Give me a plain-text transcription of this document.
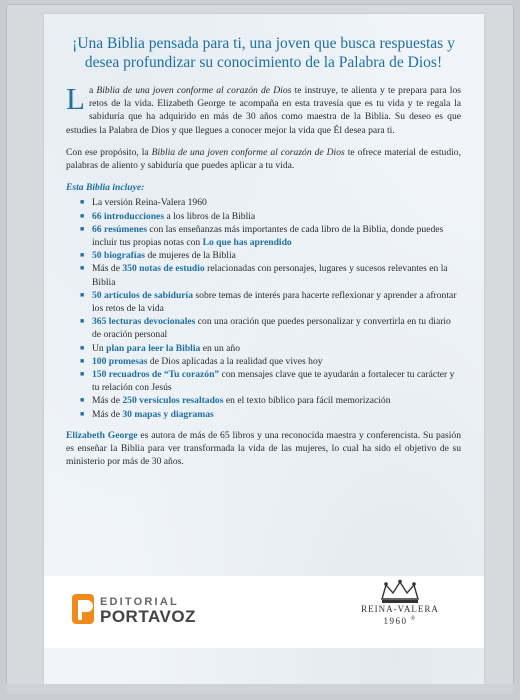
¡Una Biblia pensada para ti, una joven que busca respuestas y desea profundizar su conocimiento de la Palabra de Dios!

La Biblia de una joven conforme al corazón de Dios te instruye, te alienta y te prepara para los retos de la vida. Elizabeth George te acompaña en esta travesía que es tu vida y te regala la sabiduría que ha adquirido en más de 30 años como maestra de la Biblia. Su deseo es que estudies la Palabra de Dios y que llegues a conocer mejor la vida que Él desea para ti.

Con ese propósito, la Biblia de una joven conforme al corazón de Dios te ofrece material de estudio, palabras de aliento y sabiduría que puedes aplicar a tu vida.

Esta Biblia incluye:
■ La versión Reina-Valera 1960
■ 66 introducciones a los libros de la Biblia
■ 66 resúmenes con las enseñanzas más importantes de cada libro de la Biblia, donde puedes incluir tus propias notas con Lo que has aprendido
■ 50 biografías de mujeres de la Biblia
■ Más de 350 notas de estudio relacionadas con personajes, lugares y sucesos relevantes en la Biblia
■ 50 artículos de sabiduría sobre temas de interés para hacerte reflexionar y aprender a afrontar los retos de la vida
■ 365 lecturas devocionales con una oración que puedes personalizar y convertirla en tu diario de oración personal
■ Un plan para leer la Biblia en un año
■ 100 promesas de Dios aplicadas a la realidad que vives hoy
■ 150 recuadros de “Tu corazón” con mensajes clave que te ayudarán a fortalecer tu carácter y tu relación con Jesús
■ Más de 250 versículos resaltados en el texto bíblico para fácil memorización
■ Más de 30 mapas y diagramas

Elizabeth George es autora de más de 65 libros y una reconocida maestra y conferencista. Su pasión es enseñar la Biblia para ver transformada la vida de las mujeres, lo cual ha sido el objetivo de su ministerio por más de 30 años.

EDITORIAL
PORTAVOZ	REINA-VALERA
1960 ®
